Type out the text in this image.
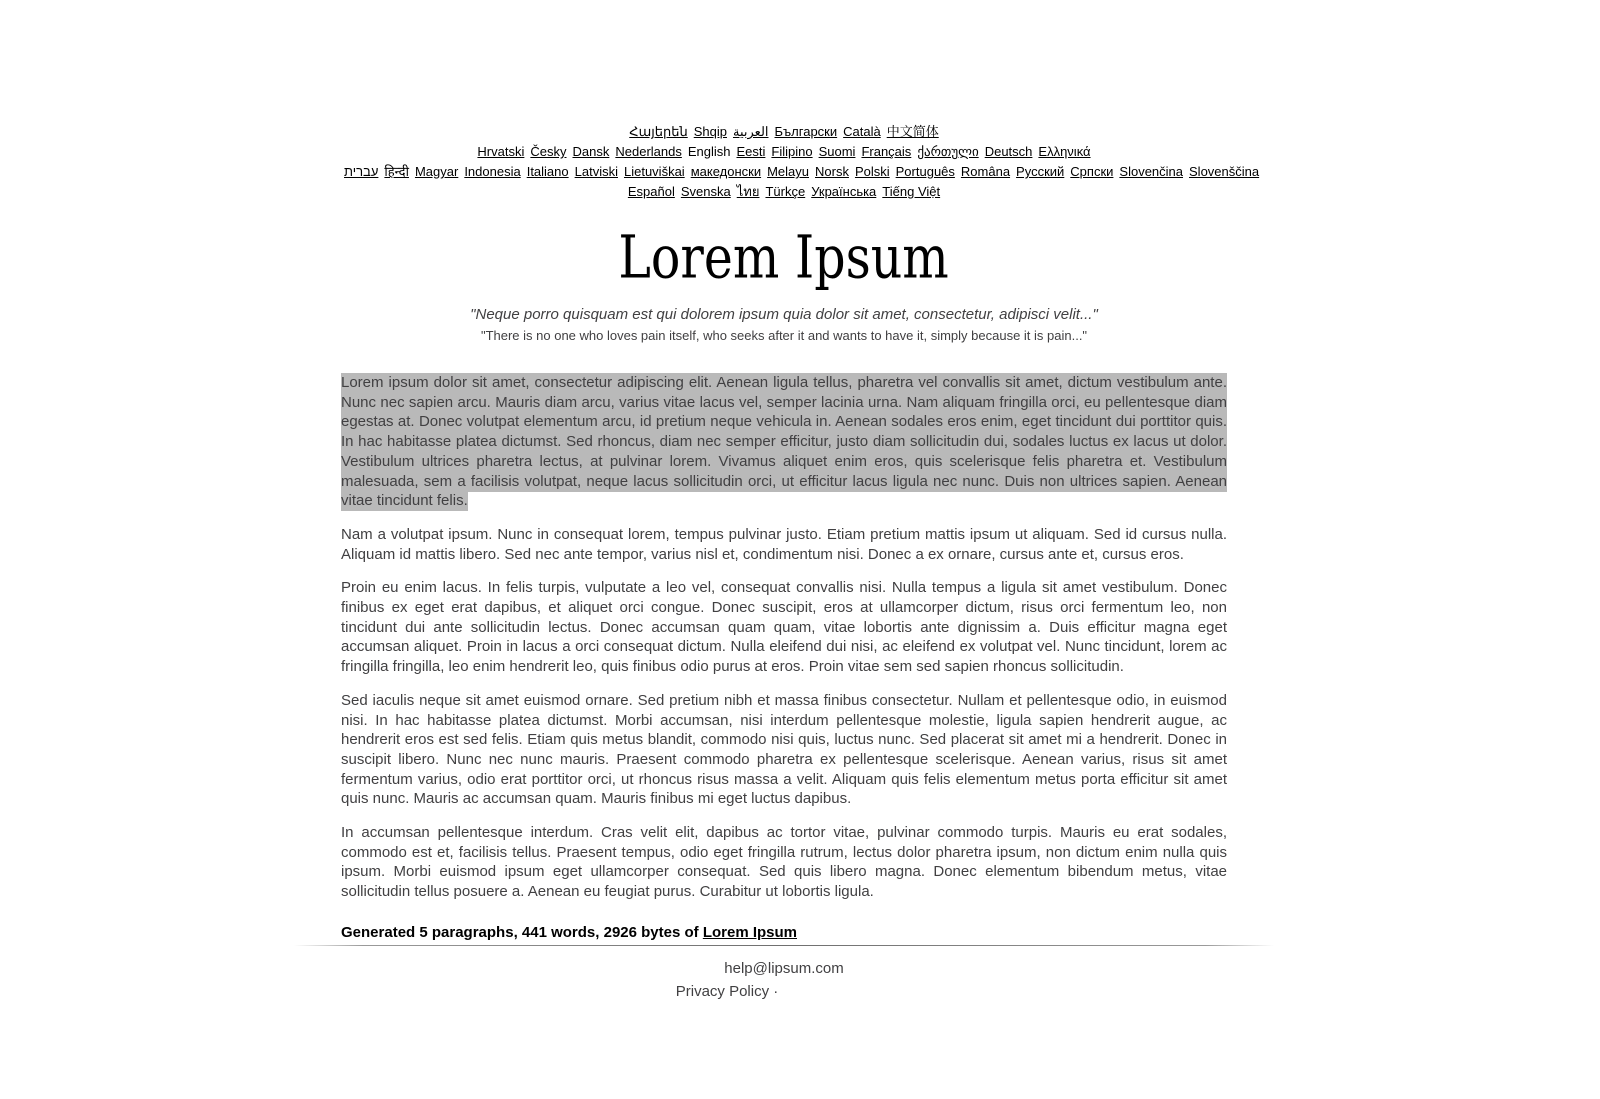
Հայերեն Shqip العربية Български Català 中文简体Hrvatski Česky Dansk Nederlands English Eesti Filipino Suomi Français ქართული Deutsch Ελληνικά
עברית हिन्दी Magyar Indonesia Italiano Latviski Lietuviškai македонски Melayu Norsk Polski Português Româna Русский Српски Slovenčina Slovenščina
Español Svenska ไทย Türkçe Українська Tiếng Việt
Lorem Ipsum
"Neque porro quisquam est qui dolorem ipsum quia dolor sit amet, consectetur, adipisci velit..."
"There is no one who loves pain itself, who seeks after it and wants to have it, simply because it is pain..."

Lorem ipsum dolor sit amet, consectetur adipiscing elit. Aenean ligula tellus, pharetra vel convallis sit amet, dictum vestibulum ante. Nunc nec sapien arcu. Mauris diam arcu, varius vitae lacus vel, semper lacinia urna. Nam aliquam fringilla orci, eu pellentesque diam egestas at. Donec volutpat elementum arcu, id pretium neque vehicula in. Aenean sodales eros enim, eget tincidunt dui porttitor quis. In hac habitasse platea dictumst. Sed rhoncus, diam nec semper efficitur, justo diam sollicitudin dui, sodales luctus ex lacus ut dolor. Vestibulum ultrices pharetra lectus, at pulvinar lorem. Vivamus aliquet enim eros, quis scelerisque felis pharetra et. Vestibulum malesuada, sem a facilisis volutpat, neque lacus sollicitudin orci, ut efficitur lacus ligula nec nunc. Duis non ultrices sapien. Aenean vitae tincidunt felis.

Nam a volutpat ipsum. Nunc in consequat lorem, tempus pulvinar justo. Etiam pretium mattis ipsum ut aliquam. Sed id cursus nulla. Aliquam id mattis libero. Sed nec ante tempor, varius nisl et, condimentum nisi. Donec a ex ornare, cursus ante et, cursus eros.

Proin eu enim lacus. In felis turpis, vulputate a leo vel, consequat convallis nisi. Nulla tempus a ligula sit amet vestibulum. Donec finibus ex eget erat dapibus, et aliquet orci congue. Donec suscipit, eros at ullamcorper dictum, risus orci fermentum leo, non tincidunt dui ante sollicitudin lectus. Donec accumsan quam quam, vitae lobortis ante dignissim a. Duis efficitur magna eget accumsan aliquet. Proin in lacus a orci consequat dictum. Nulla eleifend dui nisi, ac eleifend ex volutpat vel. Nunc tincidunt, lorem ac fringilla fringilla, leo enim hendrerit leo, quis finibus odio purus at eros. Proin vitae sem sed sapien rhoncus sollicitudin.

Sed iaculis neque sit amet euismod ornare. Sed pretium nibh et massa finibus consectetur. Nullam et pellentesque odio, in euismod nisi. In hac habitasse platea dictumst. Morbi accumsan, nisi interdum pellentesque molestie, ligula sapien hendrerit augue, ac hendrerit eros est sed felis. Etiam quis metus blandit, commodo nisi quis, luctus nunc. Sed placerat sit amet mi a hendrerit. Donec in suscipit libero. Nunc nec nunc mauris. Praesent commodo pharetra ex pellentesque scelerisque. Aenean varius, risus sit amet fermentum varius, odio erat porttitor orci, ut rhoncus risus massa a velit. Aliquam quis felis elementum metus porta efficitur sit amet quis nunc. Mauris ac accumsan quam. Mauris finibus mi eget luctus dapibus.

In accumsan pellentesque interdum. Cras velit elit, dapibus ac tortor vitae, pulvinar commodo turpis. Mauris eu erat sodales, commodo est et, facilisis tellus. Praesent tempus, odio eget fringilla rutrum, lectus dolor pharetra ipsum, non dictum enim nulla quis ipsum. Morbi euismod ipsum eget ullamcorper consequat. Sed quis libero magna. Donec elementum bibendum metus, vitae sollicitudin tellus posuere a. Aenean eu feugiat purus. Curabitur ut lobortis ligula.

Generated 5 paragraphs, 441 words, 2926 bytes of Lorem Ipsum

help@lipsum.com
Privacy Policy ·
